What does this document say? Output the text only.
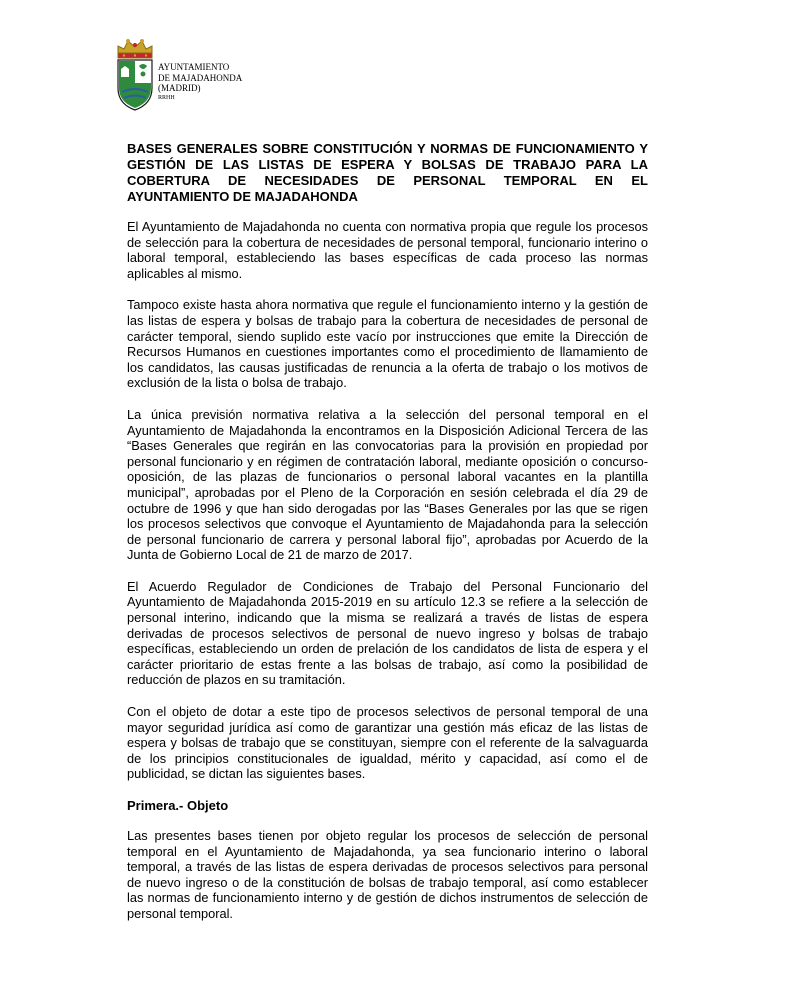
AYUNTAMIENTO
DE MAJADAHONDA
(MADRID)
RRHH
BASES GENERALES SOBRE CONSTITUCIÓN Y NORMAS DE FUNCIONAMIENTO Y GESTIÓN DE LAS LISTAS DE ESPERA Y BOLSAS DE TRABAJO PARA LA COBERTURA DE NECESIDADES DE PERSONAL TEMPORAL EN EL AYUNTAMIENTO DE MAJADAHONDA

El Ayuntamiento de Majadahonda no cuenta con normativa propia que regule los procesos de selección para la cobertura de necesidades de personal temporal, funcionario interino o laboral temporal, estableciendo las bases específicas de cada proceso las normas aplicables al mismo.

Tampoco existe hasta ahora normativa que regule el funcionamiento interno y la gestión de las listas de espera y bolsas de trabajo para la cobertura de necesidades de personal de carácter temporal, siendo suplido este vacío por instrucciones que emite la Dirección de Recursos Humanos en cuestiones importantes como el procedimiento de llamamiento de los candidatos, las causas justificadas de renuncia a la oferta de trabajo o los motivos de exclusión de la lista o bolsa de trabajo.

La única previsión normativa relativa a la selección del personal temporal en el Ayuntamiento de Majadahonda la encontramos en la Disposición Adicional Tercera de las “Bases Generales que regirán en las convocatorias para la provisión en propiedad por personal funcionario y en régimen de contratación laboral, mediante oposición o concurso-oposición, de las plazas de funcionarios o personal laboral vacantes en la plantilla municipal”, aprobadas por el Pleno de la Corporación en sesión celebrada el día 29 de octubre de 1996 y que han sido derogadas por las “Bases Generales por las que se rigen los procesos selectivos que convoque el Ayuntamiento de Majadahonda para la selección de personal funcionario de carrera y personal laboral fijo”, aprobadas por Acuerdo de la Junta de Gobierno Local de 21 de marzo de 2017.

El Acuerdo Regulador de Condiciones de Trabajo del Personal Funcionario del Ayuntamiento de Majadahonda 2015-2019 en su artículo 12.3 se refiere a la selección de personal interino, indicando que la misma se realizará a través de listas de espera derivadas de procesos selectivos de personal de nuevo ingreso y bolsas de trabajo específicas, estableciendo un orden de prelación de los candidatos de lista de espera y el carácter prioritario de estas frente a las bolsas de trabajo, así como la posibilidad de reducción de plazos en su tramitación.

Con el objeto de dotar a este tipo de procesos selectivos de personal temporal de una mayor seguridad jurídica así como de garantizar una gestión más eficaz de las listas de espera y bolsas de trabajo que se constituyan, siempre con el referente de la salvaguarda de los principios constitucionales de igualdad, mérito y capacidad, así como el de publicidad, se dictan las siguientes bases.

Primera.- Objeto

Las presentes bases tienen por objeto regular los procesos de selección de personal temporal en el Ayuntamiento de Majadahonda, ya sea funcionario interino o laboral temporal, a través de las listas de espera derivadas de procesos selectivos para personal de nuevo ingreso o de la constitución de bolsas de trabajo temporal, así como establecer las normas de funcionamiento interno y de gestión de dichos instrumentos de selección de personal temporal.
